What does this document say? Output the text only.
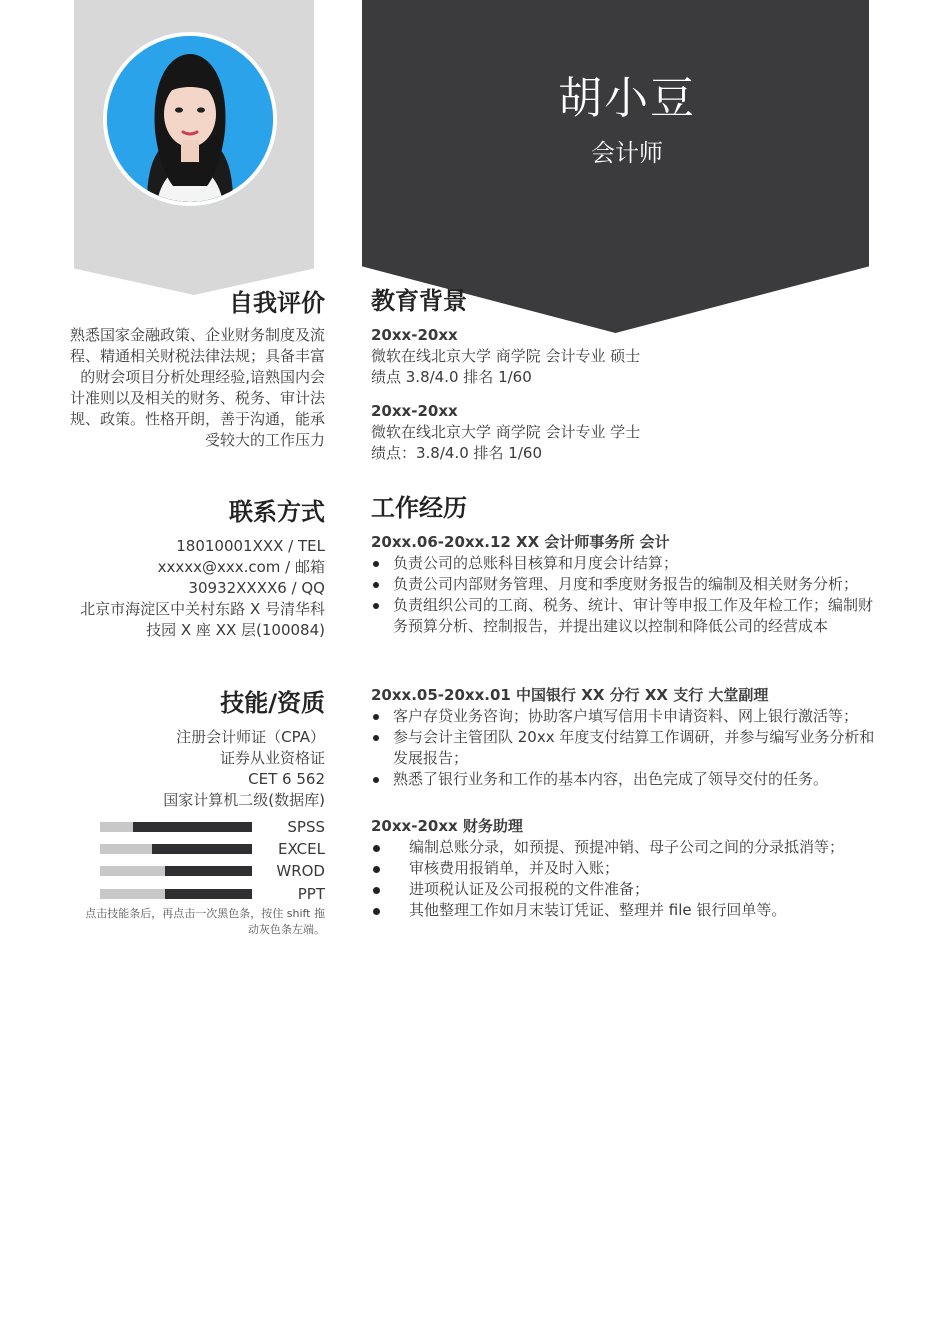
胡小豆
会计师
自我评价
熟悉国家金融政策、企业财务制度及流
程、精通相关财税法律法规；具备丰富
的财会项目分析处理经验,谙熟国内会
计准则以及相关的财务、税务、审计法
规、政策。性格开朗，善于沟通，能承
受较大的工作压力
联系方式
18010001XXX / TEL
xxxxx@xxx.com / 邮箱
30932XXXX6 / QQ
北京市海淀区中关村东路 X 号清华科
技园 X 座 XX 层(100084)
技能/资质
注册会计师证（CPA）
证券从业资格证
CET 6 562
国家计算机二级(数据库)
SPSS
EXCEL
WROD
PPT
点击技能条后，再点击一次黑色条，按住 shift 拖
动灰色条左端。
教育背景
20xx-20xx
微软在线北京大学 商学院 会计专业 硕士
绩点 3.8/4.0 排名 1/60
20xx-20xx
微软在线北京大学 商学院 会计专业 学士
绩点：3.8/4.0 排名 1/60
工作经历
20xx.06-20xx.12 XX 会计师事务所 会计
负责公司的总账科目核算和月度会计结算；
负责公司内部财务管理、月度和季度财务报告的编制及相关财务分析；
负责组织公司的工商、税务、统计、审计等申报工作及年检工作；编制财务预算分析、控制报告，并提出建议以控制和降低公司的经营成本
20xx.05-20xx.01 中国银行 XX 分行 XX 支行 大堂副理
客户存贷业务咨询；协助客户填写信用卡申请资料、网上银行激活等；
参与会计主管团队 20xx 年度支付结算工作调研，并参与编写业务分析和发展报告；
熟悉了银行业务和工作的基本内容，出色完成了领导交付的任务。
20xx-20xx 财务助理
编制总账分录，如预提、预提冲销、母子公司之间的分录抵消等；
审核费用报销单，并及时入账；
进项税认证及公司报税的文件准备；
其他整理工作如月末装订凭证、整理并 file 银行回单等。
